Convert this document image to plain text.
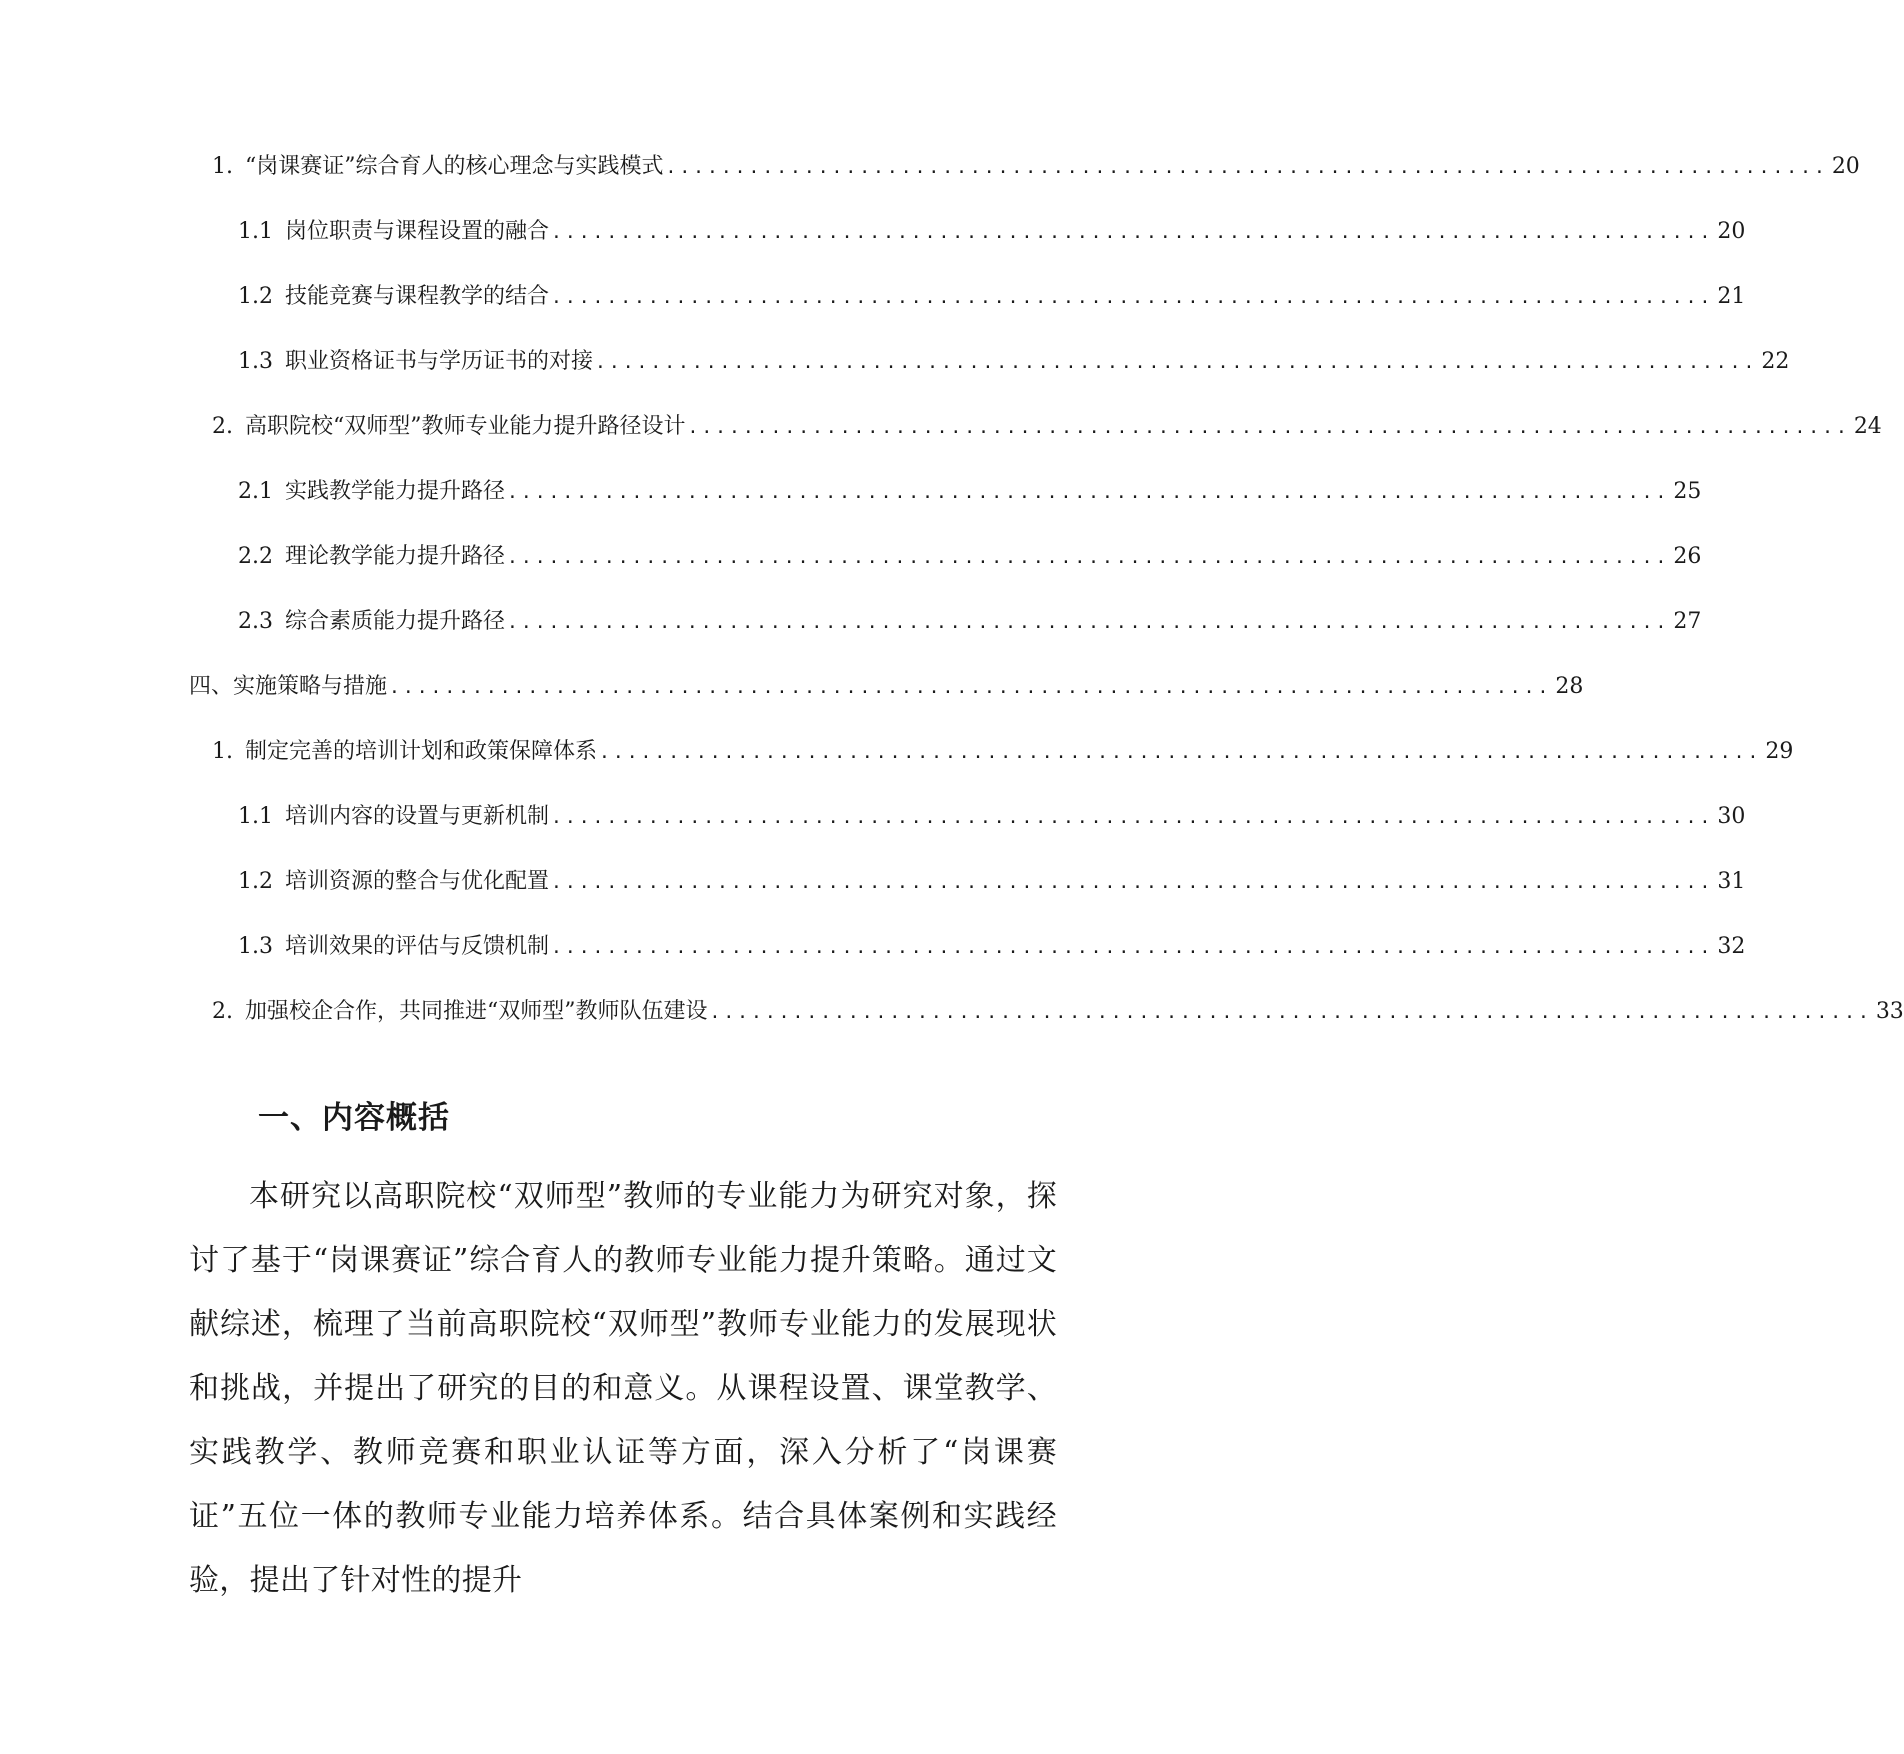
1. “岗课赛证”综合育人的核心理念与实践模式 .................................................................................... 20
1.1 岗位职责与课程设置的融合 .................................................................................... 20
1.2 技能竞赛与课程教学的结合 .................................................................................... 21
1.3 职业资格证书与学历证书的对接 .................................................................................... 22
2. 高职院校“双师型”教师专业能力提升路径设计 .................................................................................... 24
2.1 实践教学能力提升路径 .................................................................................... 25
2.2 理论教学能力提升路径 .................................................................................... 26
2.3 综合素质能力提升路径 .................................................................................... 27
四、实施策略与措施 .................................................................................... 28
1. 制定完善的培训计划和政策保障体系 .................................................................................... 29
1.1 培训内容的设置与更新机制 .................................................................................... 30
1.2 培训资源的整合与优化配置 .................................................................................... 31
1.3 培训效果的评估与反馈机制 .................................................................................... 32
2. 加强校企合作，共同推进“双师型”教师队伍建设 .................................................................................... 33
一、内容概括

本研究以高职院校“双师型”教师的专业能力为研究对象，探讨了基于“岗课赛证”综合育人的教师专业能力提升策略。通过文献综述，梳理了当前高职院校“双师型”教师专业能力的发展现状和挑战，并提出了研究的目的和意义。从课程设置、课堂教学、实践教学、教师竞赛和职业认证等方面，深入分析了“岗课赛证”五位一体的教师专业能力培养体系。结合具体案例和实践经验，提出了针对性的提升
